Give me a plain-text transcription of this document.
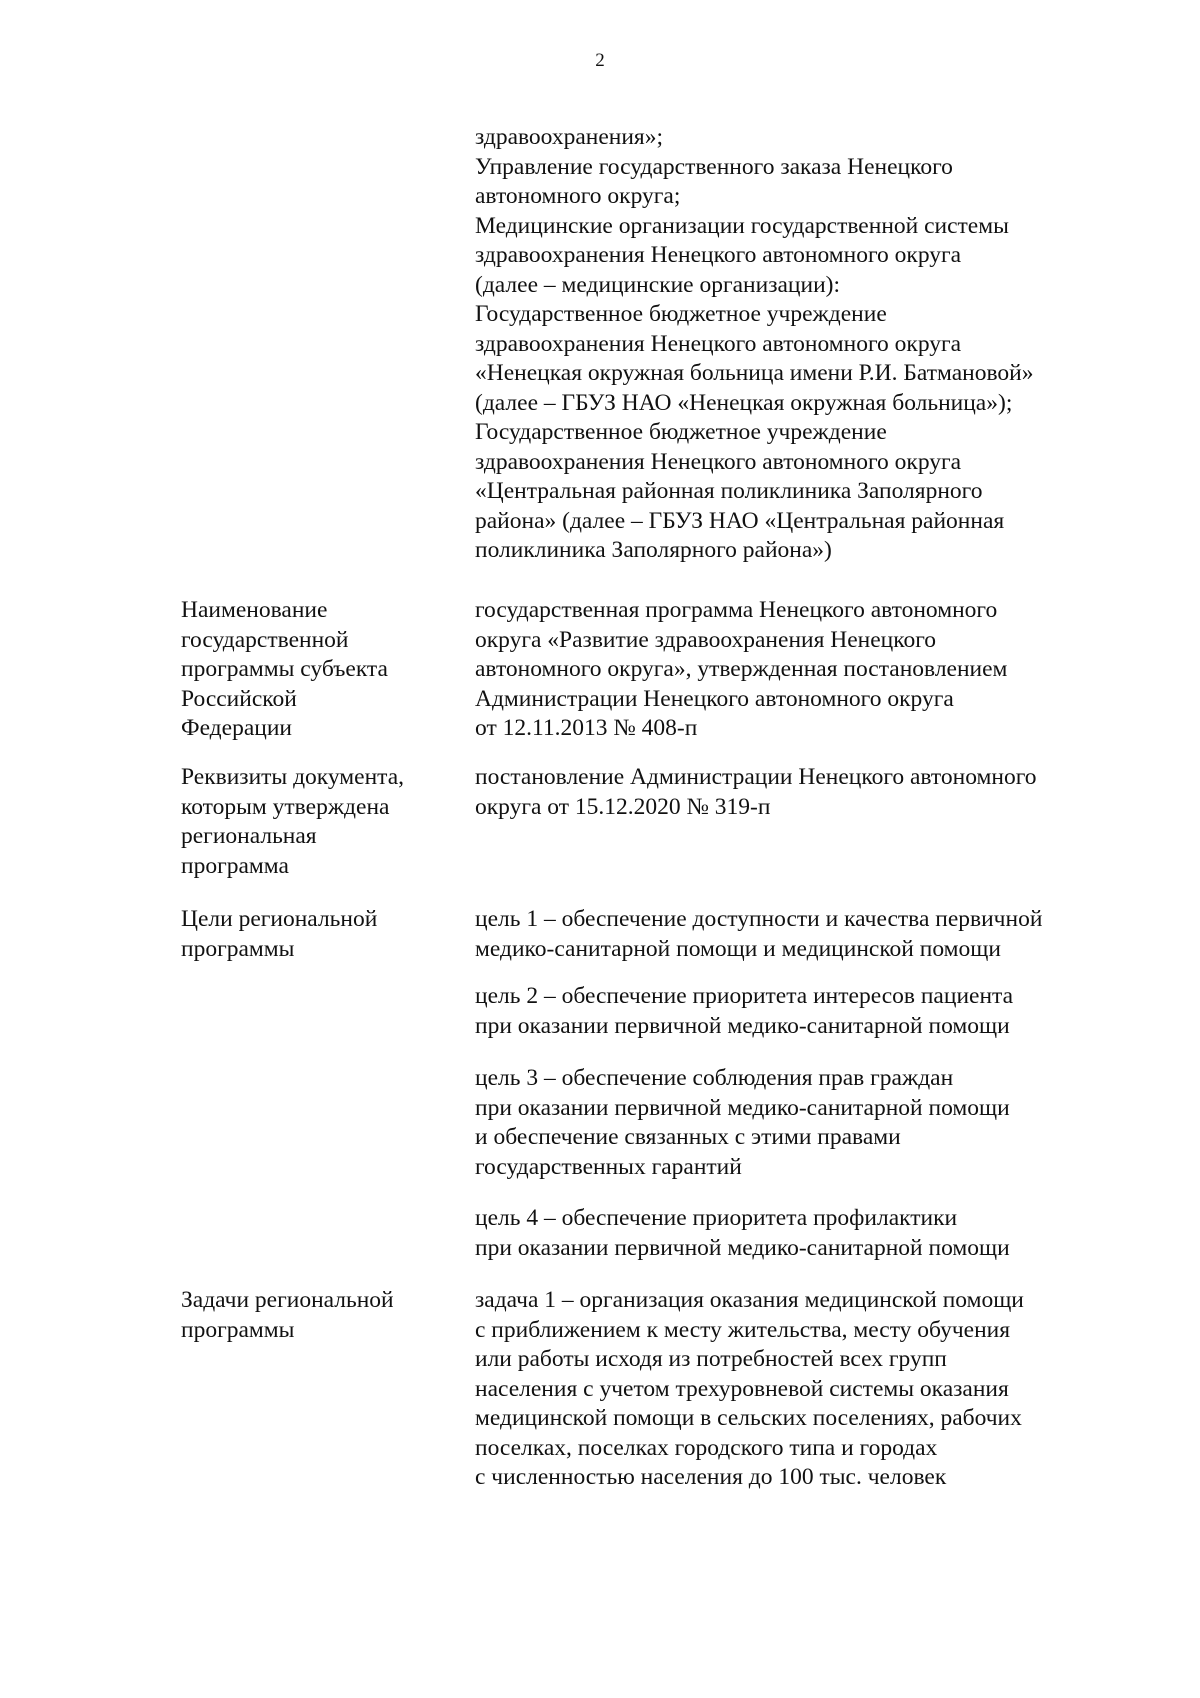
2
здравоохранения»;
Управление государственного заказа Ненецкого
автономного округа;
Медицинские организации государственной системы
здравоохранения Ненецкого автономного округа
(далее – медицинские организации):
Государственное бюджетное учреждение
здравоохранения Ненецкого автономного округа
«Ненецкая окружная больница имени Р.И. Батмановой»
(далее – ГБУЗ НАО «Ненецкая окружная больница»);
Государственное бюджетное учреждение
здравоохранения Ненецкого автономного округа
«Центральная районная поликлиника Заполярного
района» (далее – ГБУЗ НАО «Центральная районная
поликлиника Заполярного района»)
Наименование
государственной
программы субъекта
Российской
Федерации
государственная программа Ненецкого автономного
округа «Развитие здравоохранения Ненецкого
автономного округа», утвержденная постановлением
Администрации Ненецкого автономного округа
от 12.11.2013 № 408-п
Реквизиты документа,
которым утверждена
региональная
программа
постановление Администрации Ненецкого автономного
округа от 15.12.2020 № 319-п
Цели региональной
программы
цель 1 – обеспечение доступности и качества первичной
медико-санитарной помощи и медицинской помощи
цель 2 – обеспечение приоритета интересов пациента
при оказании первичной медико-санитарной помощи
цель 3 – обеспечение соблюдения прав граждан
при оказании первичной медико-санитарной помощи
и обеспечение связанных с этими правами
государственных гарантий
цель 4 – обеспечение приоритета профилактики
при оказании первичной медико-санитарной помощи
Задачи региональной
программы
задача 1 – организация оказания медицинской помощи
с приближением к месту жительства, месту обучения
или работы исходя из потребностей всех групп
населения с учетом трехуровневой системы оказания
медицинской помощи в сельских поселениях, рабочих
поселках, поселках городского типа и городах
с численностью населения до 100 тыс. человек
